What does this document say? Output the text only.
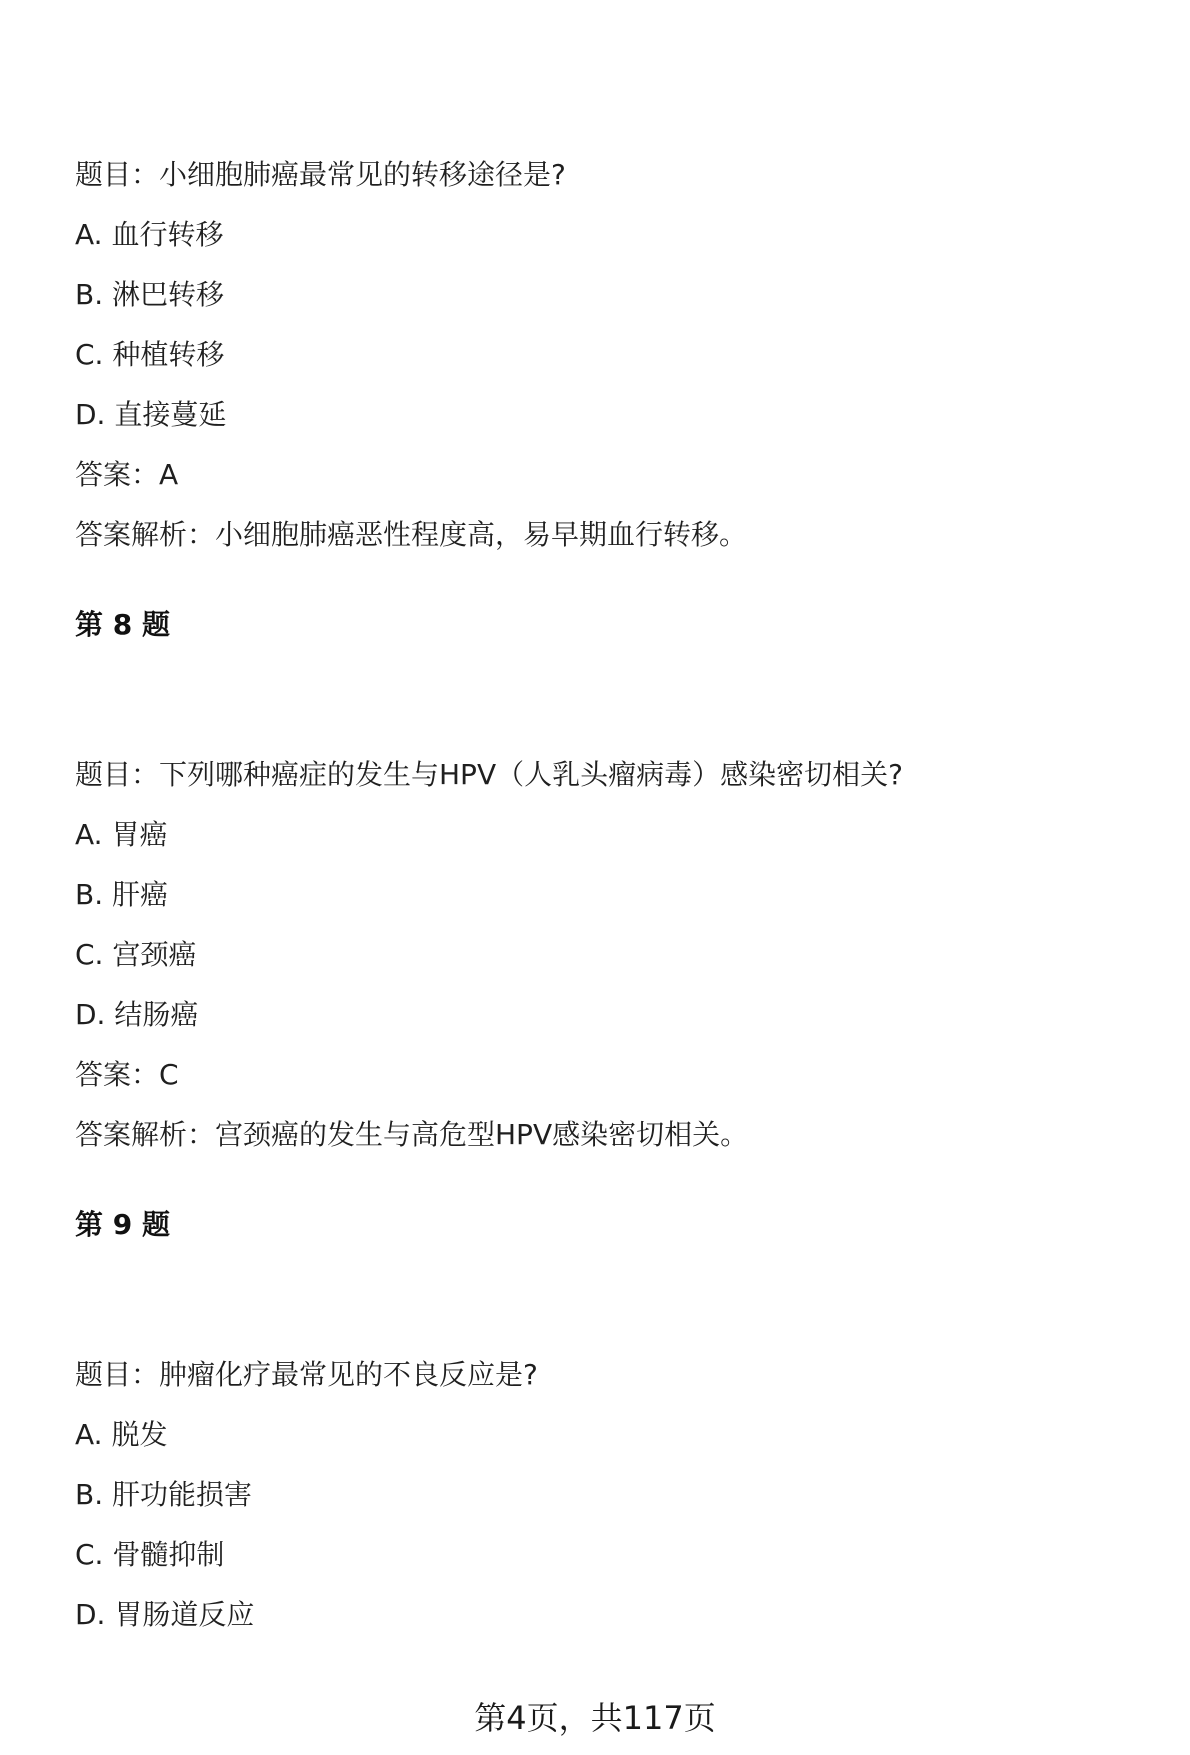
题目：小细胞肺癌最常见的转移途径是?
A. 血行转移
B. 淋巴转移
C. 种植转移
D. 直接蔓延
答案：A
答案解析：小细胞肺癌恶性程度高，易早期血行转移。
第 8 题
题目：下列哪种癌症的发生与HPV（人乳头瘤病毒）感染密切相关?
A. 胃癌
B. 肝癌
C. 宫颈癌
D. 结肠癌
答案：C
答案解析：宫颈癌的发生与高危型HPV感染密切相关。
第 9 题
题目：肿瘤化疗最常见的不良反应是?
A. 脱发
B. 肝功能损害
C. 骨髓抑制
D. 胃肠道反应
第4页，共117页
